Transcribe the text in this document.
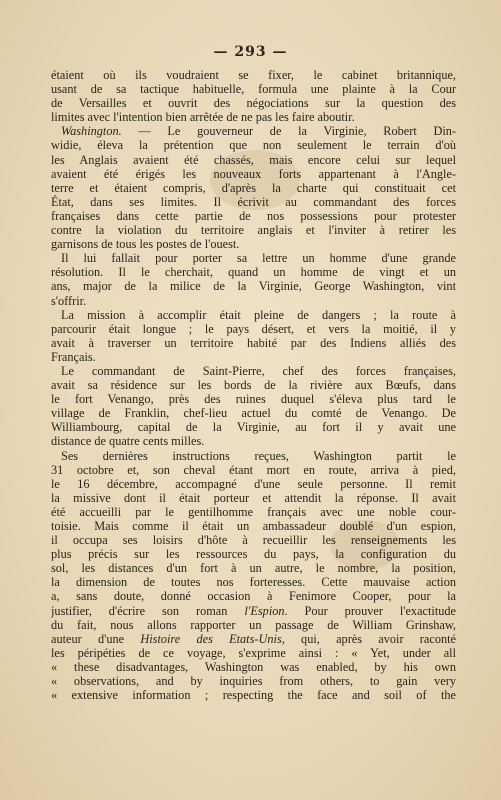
— 293 —
étaient où ils voudraient se fixer, le cabinet britannique,
usant de sa tactique habituelle, formula une plainte à la Cour
de Versailles et ouvrit des négociations sur la question des
limites avec l'intention bien arrêtée de ne pas les faire aboutir.
Washington. — Le gouverneur de la Virginie, Robert Din-
widie, éleva la prétention que non seulement le terrain d'où
les Anglais avaient été chassés, mais encore celui sur lequel
avaient été érigés les nouveaux forts appartenant à l'Angle-
terre et étaient compris, d'après la charte qui constituait cet
État, dans ses limites. Il écrivit au commandant des forces
françaises dans cette partie de nos possessions pour protester
contre la violation du territoire anglais et l'inviter à retirer les
garnisons de tous les postes de l'ouest.
Il lui fallait pour porter sa lettre un homme d'une grande
résolution. Il le cherchait, quand un homme de vingt et un
ans, major de la milice de la Virginie, George Washington, vint
s'offrir.
La mission à accomplir était pleine de dangers ; la route à
parcourir était longue ; le pays désert, et vers la moitié, il y
avait à traverser un territoire habité par des Indiens alliés des
Français.
Le commandant de Saint-Pierre, chef des forces françaises,
avait sa résidence sur les bords de la rivière aux Bœufs, dans
le fort Venango, près des ruines duquel s'éleva plus tard le
village de Franklin, chef-lieu actuel du comté de Venango. De
Williambourg, capital de la Virginie, au fort il y avait une
distance de quatre cents milles.
Ses dernières instructions reçues, Washington partit le
31 octobre et, son cheval étant mort en route, arriva à pied,
le 16 décembre, accompagné d'une seule personne. Il remit
la missive dont il était porteur et attendit la réponse. Il avait
été accueilli par le gentilhomme français avec une noble cour-
toisie. Mais comme il était un ambassadeur doublé d'un espion,
il occupa ses loisirs d'hôte à recueillir les renseignements les
plus précis sur les ressources du pays, la configuration du
sol, les distances d'un fort à un autre, le nombre, la position,
la dimension de toutes nos forteresses. Cette mauvaise action
a, sans doute, donné occasion à Fenimore Cooper, pour la
justifier, d'écrire son roman l'Espion. Pour prouver l'exactitude
du fait, nous allons rapporter un passage de William Grinshaw,
auteur d'une Histoire des Etats-Unis, qui, après avoir raconté
les péripéties de ce voyage, s'exprime ainsi : « Yet, under all
« these disadvantages, Washington was enabled, by his own
« observations, and by inquiries from others, to gain very
« extensive information ; respecting the face and soil of the
